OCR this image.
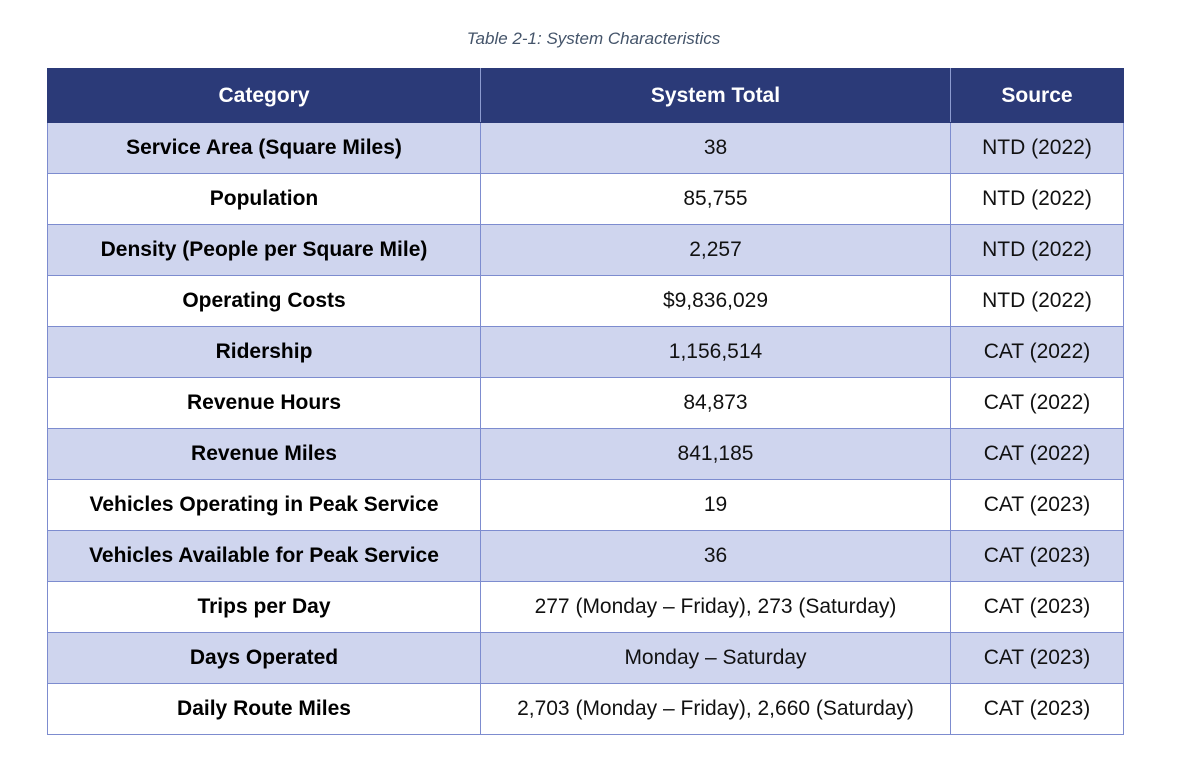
Table 2-1: System Characteristics
Category	System Total	Source
Service Area (Square Miles)	38	NTD (2022)
Population	85,755	NTD (2022)
Density (People per Square Mile)	2,257	NTD (2022)
Operating Costs	$9,836,029	NTD (2022)
Ridership	1,156,514	CAT (2022)
Revenue Hours	84,873	CAT (2022)
Revenue Miles	841,185	CAT (2022)
Vehicles Operating in Peak Service	19	CAT (2023)
Vehicles Available for Peak Service	36	CAT (2023)
Trips per Day	277 (Monday – Friday), 273 (Saturday)	CAT (2023)
Days Operated	Monday – Saturday	CAT (2023)
Daily Route Miles	2,703 (Monday – Friday), 2,660 (Saturday)	CAT (2023)
